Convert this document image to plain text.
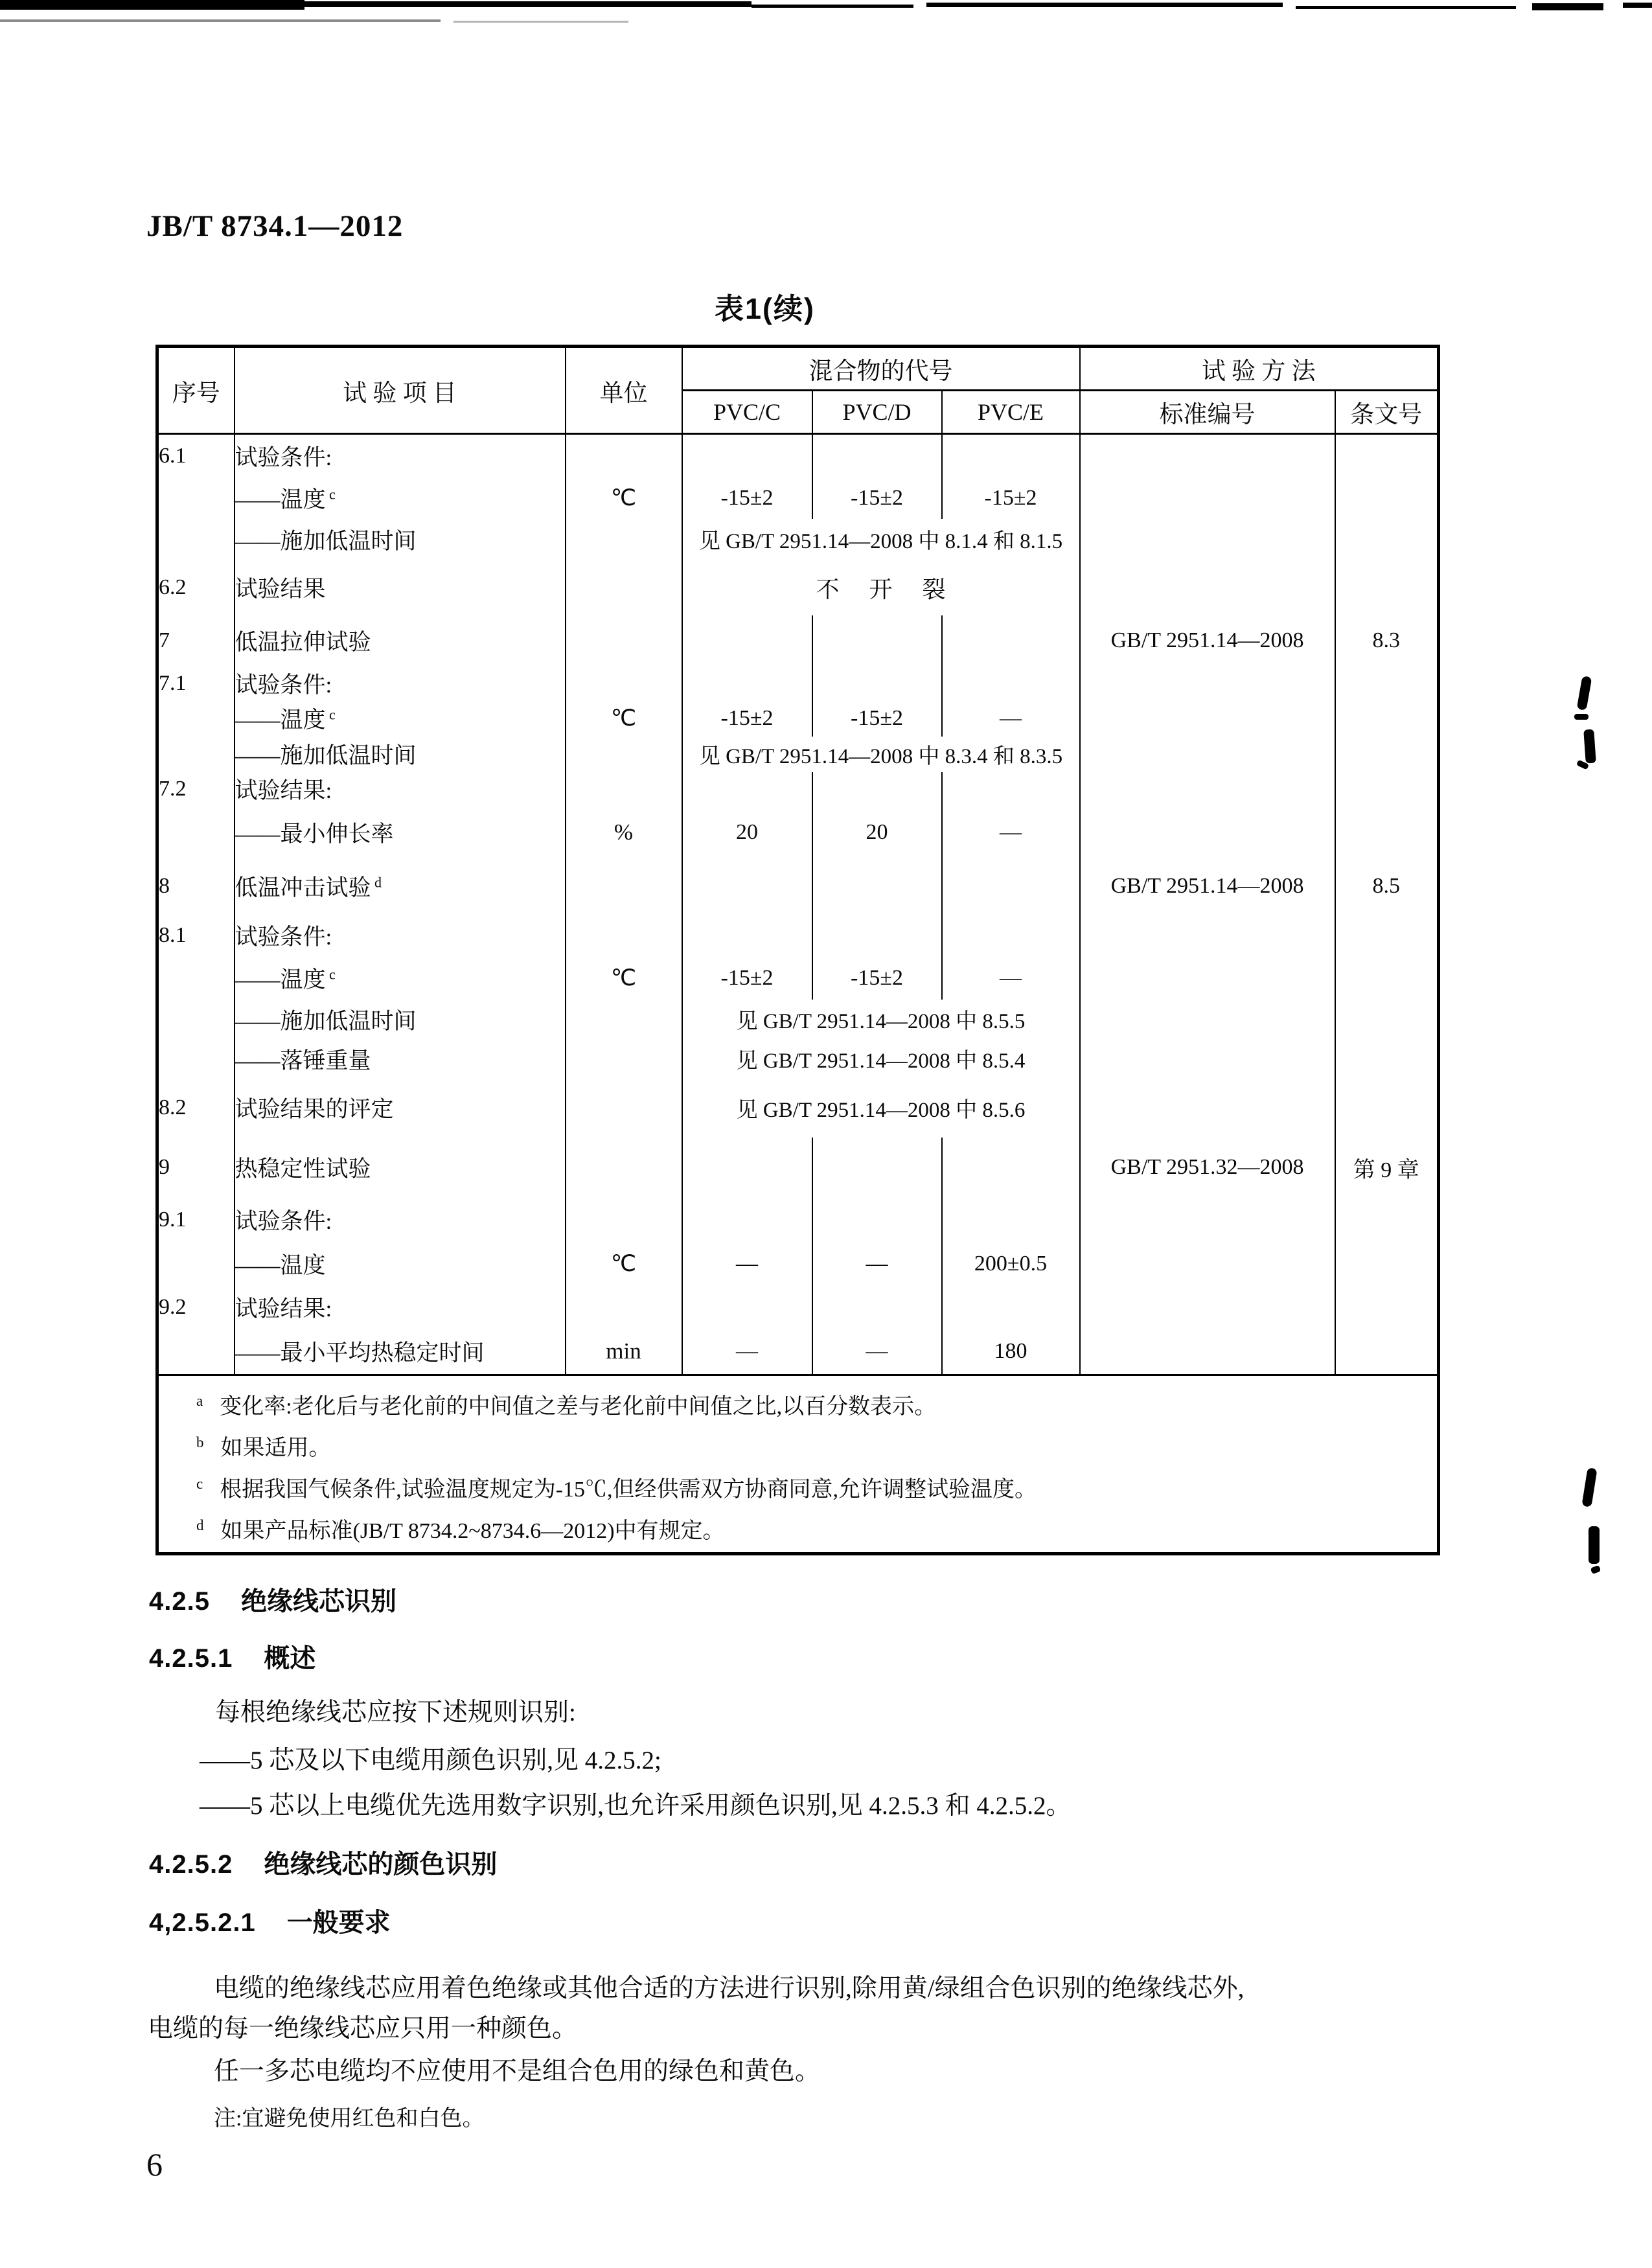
JB/T 8734.1—2012
表1(续)
序号	试 验 项 目	单位	混合物的代号			试 验 方 法	
			PVC/C	PVC/D	PVC/E	标准编号	条文号
6.1	试验条件:						
	——温度 $^c$	℃	-15±2	-15±2	-15±2		
	——施加低温时间		见 GB/T 2951.14—2008 中 8.1.4 和 8.1.5				
6.2	试验结果		不开裂				
7	低温拉伸试验					GB/T 2951.14—2008	8.3
7.1	试验条件:						
	——温度 $^c$	℃	-15±2	-15±2	—		
	——施加低温时间		见 GB/T 2951.14—2008 中 8.3.4 和 8.3.5				
7.2	试验结果:						
	——最小伸长率	%	20	20	—		
8	低温冲击试验 $^d$					GB/T 2951.14—2008	8.5
8.1	试验条件:						
	——温度 $^c$	℃	-15±2	-15±2	—		
	——施加低温时间		见 GB/T 2951.14—2008 中 8.5.5				
	——落锤重量		见 GB/T 2951.14—2008 中 8.5.4				
8.2	试验结果的评定		见 GB/T 2951.14—2008 中 8.5.6				
9	热稳定性试验					GB/T 2951.32—2008	第 9 章
9.1	试验条件:						
	——温度	℃	—	—	200±0.5		
9.2	试验结果:						
	——最小平均热稳定时间	min	—	—	180		

$^a$ 变化率:老化后与老化前的中间值之差与老化前中间值之比,以百分数表示。
$^b$ 如果适用。
$^c$ 根据我国气候条件,试验温度规定为-15℃,但经供需双方协商同意,允许调整试验温度。
$^d$ 如果产品标准(JB/T 8734.2~8734.6—2012)中有规定。							
4.2.5 绝缘线芯识别
4.2.5.1 概述
每根绝缘线芯应按下述规则识别:
——5 芯及以下电缆用颜色识别,见 4.2.5.2;
——5 芯以上电缆优先选用数字识别,也允许采用颜色识别,见 4.2.5.3 和 4.2.5.2。
4.2.5.2 绝缘线芯的颜色识别
4,2.5.2.1 一般要求
电缆的绝缘线芯应用着色绝缘或其他合适的方法进行识别,除用黄/绿组合色识别的绝缘线芯外,
电缆的每一绝缘线芯应只用一种颜色。
任一多芯电缆均不应使用不是组合色用的绿色和黄色。
注:宜避免使用红色和白色。
6
